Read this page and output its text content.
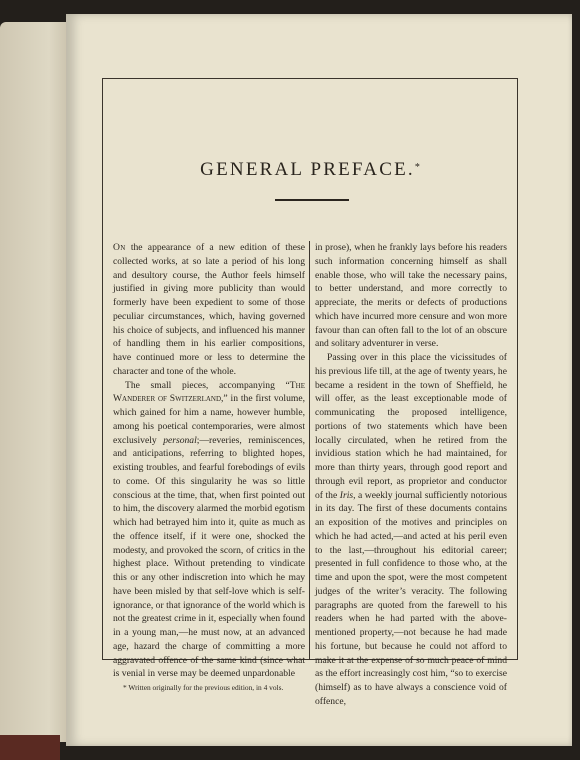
GENERAL PREFACE.*

On the appearance of a new edition of these collected works, at so late a period of his long and desultory course, the Author feels himself justified in giving more publicity than would formerly have been expedient to some of those peculiar circumstances, which, having governed his choice of subjects, and influenced his manner of handling them in his earlier compositions, have continued more or less to determine the character and tone of the whole.

The small pieces, accompanying “The Wanderer of Switzerland,” in the first volume, which gained for him a name, however humble, among his poetical contemporaries, were almost exclusively personal;—reveries, reminiscences, and anticipations, referring to blighted hopes, existing troubles, and fearful forebodings of evils to come. Of this singularity he was so little conscious at the time, that, when first pointed out to him, the discovery alarmed the morbid egotism which had betrayed him into it, quite as much as the offence itself, if it were one, shocked the modesty, and provoked the scorn, of critics in the highest place. Without pretending to vindicate this or any other indiscretion into which he may have been misled by that self-love which is self-ignorance, or that ignorance of the world which is not the greatest crime in it, especially when found in a young man,—he must now, at an advanced age, hazard the charge of committing a more aggravated offence of the same kind (since what is venial in verse may be deemed unpardonable

* Written originally for the previous edition, in 4 vols.

in prose), when he frankly lays before his readers such information concerning himself as shall enable those, who will take the necessary pains, to better understand, and more correctly to appreciate, the merits or defects of productions which have incurred more censure and won more favour than can often fall to the lot of an obscure and solitary adventurer in verse.

Passing over in this place the vicissitudes of his previous life till, at the age of twenty years, he became a resident in the town of Sheffield, he will offer, as the least exceptionable mode of communicating the proposed intelligence, portions of two statements which have been locally circulated, when he retired from the invidious station which he had maintained, for more than thirty years, through good report and through evil report, as proprietor and conductor of the Iris, a weekly journal sufficiently notorious in its day. The first of these documents contains an exposition of the motives and principles on which he had acted,—and acted at his peril even to the last,—throughout his editorial career; presented in full confidence to those who, at the time and upon the spot, were the most competent judges of the writer’s veracity. The following paragraphs are quoted from the farewell to his readers when he had parted with the above-mentioned property,—not because he had made his fortune, but because he could not afford to make it at the expense of so much peace of mind as the effort increasingly cost him, “so to exercise (himself) as to have always a conscience void of offence,
